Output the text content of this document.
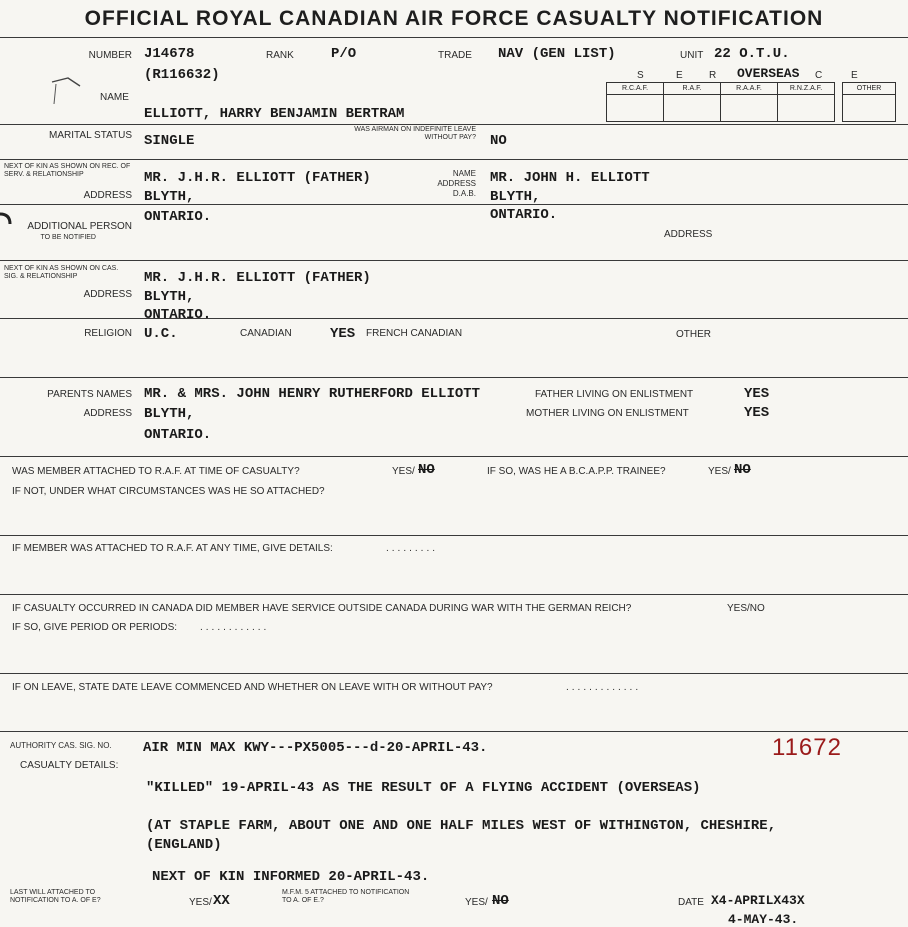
OFFICIAL ROYAL CANADIAN AIR FORCE CASUALTY NOTIFICATION
NUMBER J14678
(R116632)
RANK	P/O	TRADE NAV (GEN LIST)	UNIT 22 O.T.U.
S	E	R	C	E
OVERSEAS
R.C.A.F.	R.A.F.	R.A.A.F.	R.N.Z.A.F.	OTHER
NAME
ELLIOTT, HARRY BENJAMIN BERTRAM
MARITAL STATUS SINGLE
WAS AIRMAN ON INDEFINITE LEAVE WITHOUT PAY? NO
NEXT OF KIN AS SHOWN ON REC. OF SERV. & RELATIONSHIP	MR. J.H.R. ELLIOTT (FATHER)
ADDRESS BLYTH,
ONTARIO.
NAME
ADDRESS
D.A.B.
MR. JOHN H. ELLIOTT
BLYTH,
ONTARIO.
ADDITIONAL PERSON
TO BE NOTIFIED	ADDRESS
NEXT OF KIN AS SHOWN ON CAS. SIG. & RELATIONSHIP	MR. J.H.R. ELLIOTT (FATHER)
ADDRESS BLYTH,
ONTARIO.
RELIGION U.C.	CANADIAN	YES FRENCH CANADIAN	OTHER
PARENTS NAMES MR. & MRS. JOHN HENRY RUTHERFORD ELLIOTT	FATHER LIVING ON ENLISTMENT	YES
ADDRESS BLYTH,
ONTARIO.
MOTHER LIVING ON ENLISTMENT	YES
WAS MEMBER ATTACHED TO R.A.F. AT TIME OF CASUALTY?	YES/ NO	IF SO, WAS HE A B.C.A.P.P. TRAINEE?	YES/ NO
IF NOT, UNDER WHAT CIRCUMSTANCES WAS HE SO ATTACHED?
IF MEMBER WAS ATTACHED TO R.A.F. AT ANY TIME, GIVE DETAILS:	.........
IF CASUALTY OCCURRED IN CANADA DID MEMBER HAVE SERVICE OUTSIDE CANADA DURING WAR WITH THE GERMAN REICH?	YES/NO
IF SO, GIVE PERIOD OR PERIODS: ............
IF ON LEAVE, STATE DATE LEAVE COMMENCED AND WHETHER ON LEAVE WITH OR WITHOUT PAY?	.............
AUTHORITY CAS. SIG. NO. AIR MIN MAX KWY---PX5005---d-20-APRIL-43.	11672
CASUALTY DETAILS:
"KILLED" 19-APRIL-43 AS THE RESULT OF A FLYING ACCIDENT (OVERSEAS)
(AT STAPLE FARM, ABOUT ONE AND ONE HALF MILES WEST OF WITHINGTON, CHESHIRE,
(ENGLAND)
NEXT OF KIN INFORMED 20-APRIL-43.
LAST WILL ATTACHED TO NOTIFICATION TO A. OF E?	YES/ XX
M.F.M. 5 ATTACHED TO NOTIFICATION TO A. OF E.?	YES/ NO	DATE X4-APRILX43X
4-MAY-43.
